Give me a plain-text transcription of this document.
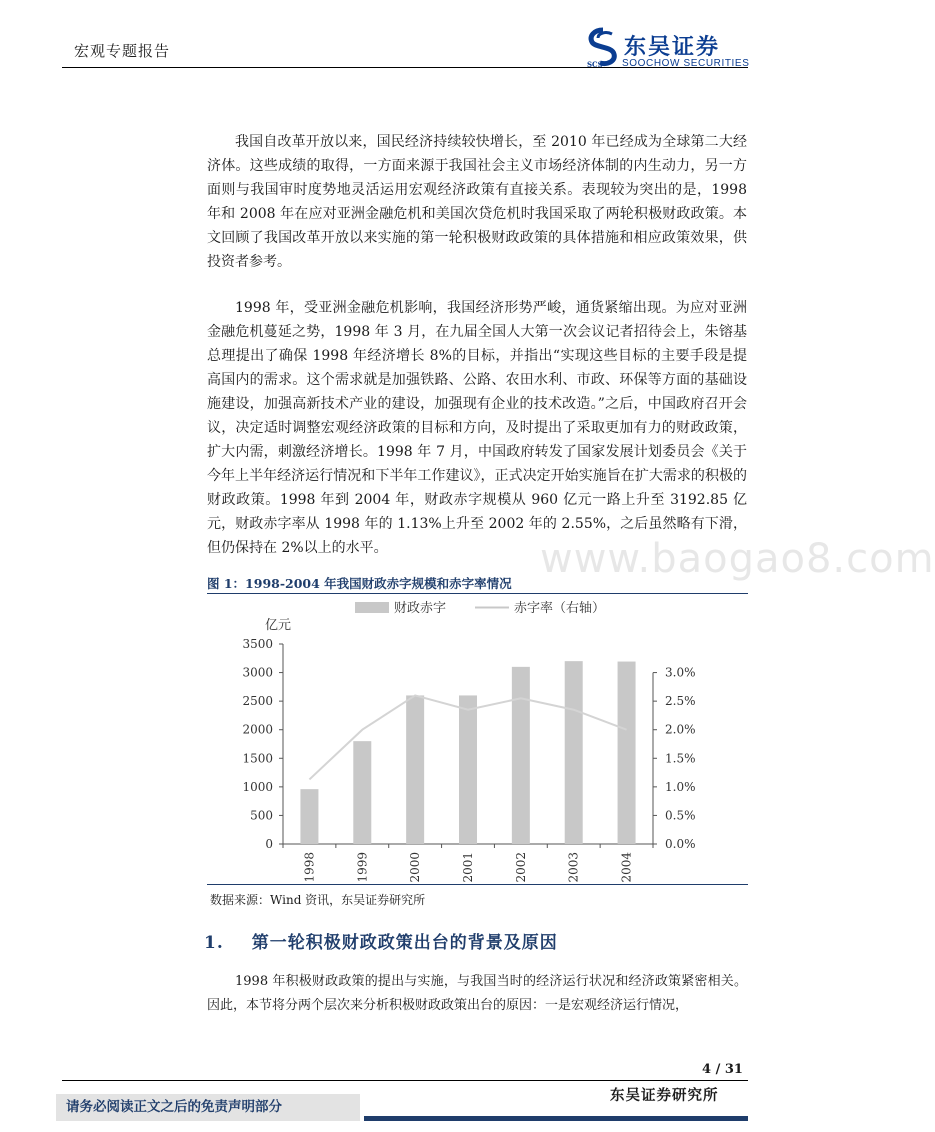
宏观专题报告
SCS
东吴证券
SOOCHOW SECURITIES

我国自改革开放以来，国民经济持续较快增长，至 2010 年已经成为全球第二大经济体。这些成绩的取得，一方面来源于我国社会主义市场经济体制的内生动力，另一方面则与我国审时度势地灵活运用宏观经济政策有直接关系。表现较为突出的是，1998 年和 2008 年在应对亚洲金融危机和美国次贷危机时我国采取了两轮积极财政政策。本文回顾了我国改革开放以来实施的第一轮积极财政政策的具体措施和相应政策效果，供投资者参考。

1998 年，受亚洲金融危机影响，我国经济形势严峻，通货紧缩出现。为应对亚洲金融危机蔓延之势，1998 年 3 月，在九届全国人大第一次会议记者招待会上，朱镕基总理提出了确保 1998 年经济增长 8%的目标，并指出“实现这些目标的主要手段是提高国内的需求。这个需求就是加强铁路、公路、农田水利、市政、环保等方面的基础设施建设，加强高新技术产业的建设，加强现有企业的技术改造。”之后，中国政府召开会议，决定适时调整宏观经济政策的目标和方向，及时提出了采取更加有力的财政政策，扩大内需，刺激经济增长。1998 年 7 月，中国政府转发了国家发展计划委员会《关于今年上半年经济运行情况和下半年工作建议》，正式决定开始实施旨在扩大需求的积极的财政政策。1998 年到 2004 年，财政赤字规模从 960 亿元一路上升至 3192.85 亿元，财政赤字率从 1998 年的 1.13%上升至 2002 年的 2.55%，之后虽然略有下滑，但仍保持在 2%以上的水平。	www.baogao8.com
图 1：1998-2004 年我国财政赤字规模和赤字率情况
财政赤字	赤字率（右轴）
亿元
0
500
1000
1500
2000
2500
3000
3500
0.0%
0.5%
1.0%
1.5%
2.0%
2.5%
3.0%
1998	1999	2000	2001	2002	2003	2004
数据来源：Wind 资讯，东吴证券研究所
1. 第一轮积极财政政策出台的背景及原因

1998 年积极财政政策的提出与实施，与我国当时的经济运行状况和经济政策紧密相关。因此，本节将分两个层次来分析积极财政政策出台的原因：一是宏观经济运行情况，

4 / 31
请务必阅读正文之后的免责声明部分
东吴证券研究所
